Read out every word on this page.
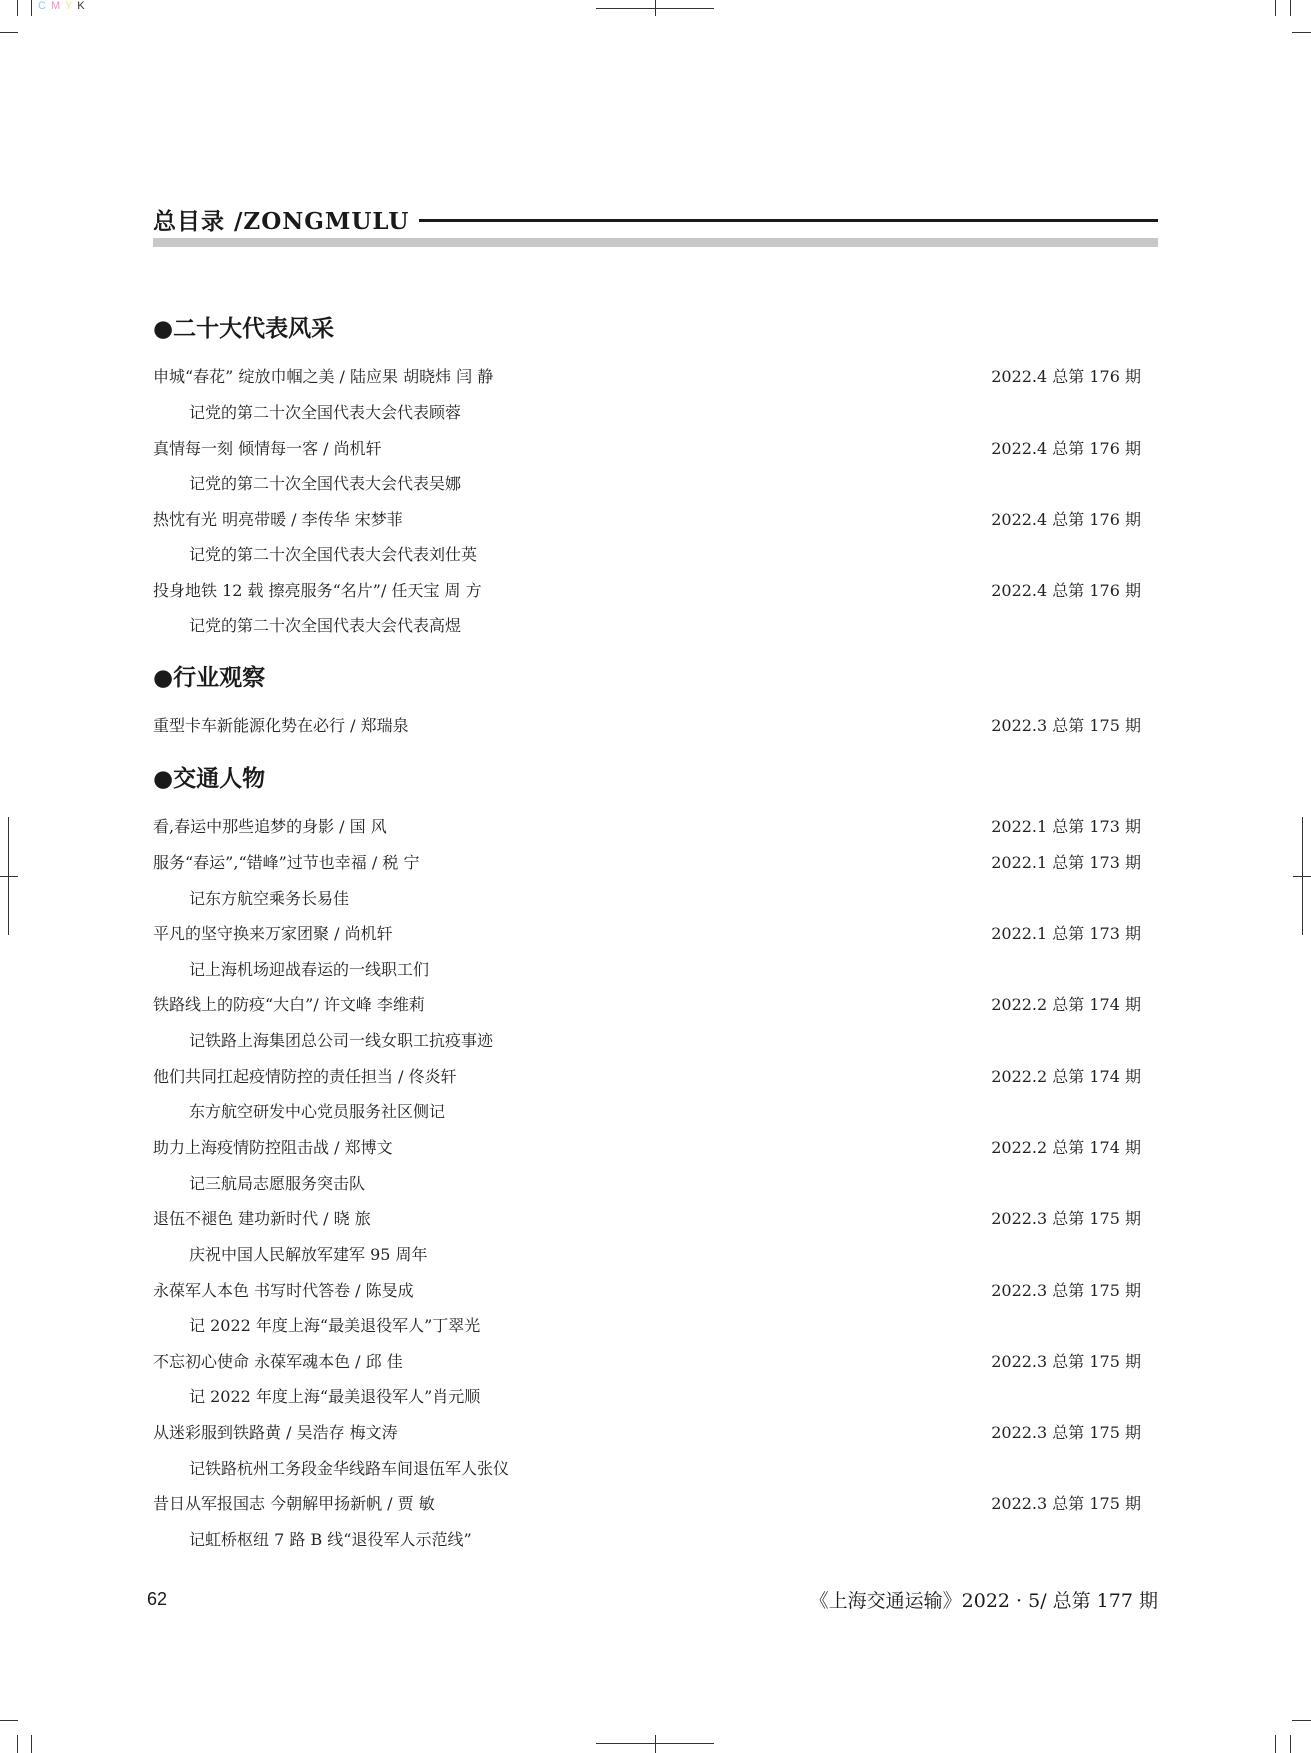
C M Y K
总目录 /ZONGMULU
●二十大代表风采
申城“春花” 绽放巾帼之美 / 陆应果 胡晓炜 闫 静	2022.4 总第 176 期
记党的第二十次全国代表大会代表顾蓉
真情每一刻 倾情每一客 / 尚机轩	2022.4 总第 176 期
记党的第二十次全国代表大会代表吴娜
热忱有光 明亮带暖 / 李传华 宋梦菲	2022.4 总第 176 期
记党的第二十次全国代表大会代表刘仕英
投身地铁 12 载 擦亮服务“名片”/ 任天宝 周 方	2022.4 总第 176 期
记党的第二十次全国代表大会代表高煜
●行业观察
重型卡车新能源化势在必行 / 郑瑞泉	2022.3 总第 175 期
●交通人物
看,春运中那些追梦的身影 / 国 风	2022.1 总第 173 期
服务“春运”,“错峰”过节也幸福 / 税 宁	2022.1 总第 173 期
记东方航空乘务长易佳
平凡的坚守换来万家团聚 / 尚机轩	2022.1 总第 173 期
记上海机场迎战春运的一线职工们
铁路线上的防疫“大白”/ 许文峰 李维莉	2022.2 总第 174 期
记铁路上海集团总公司一线女职工抗疫事迹
他们共同扛起疫情防控的责任担当 / 佟炎轩	2022.2 总第 174 期
东方航空研发中心党员服务社区侧记
助力上海疫情防控阻击战 / 郑博文	2022.2 总第 174 期
记三航局志愿服务突击队
退伍不褪色 建功新时代 / 晓 旅	2022.3 总第 175 期
庆祝中国人民解放军建军 95 周年
永葆军人本色 书写时代答卷 / 陈旻成	2022.3 总第 175 期
记 2022 年度上海“最美退役军人”丁翠光
不忘初心使命 永葆军魂本色 / 邱 佳	2022.3 总第 175 期
记 2022 年度上海“最美退役军人”肖元顺
从迷彩服到铁路黄 / 吴浩存 梅文涛	2022.3 总第 175 期
记铁路杭州工务段金华线路车间退伍军人张仪
昔日从军报国志 今朝解甲扬新帆 / 贾 敏	2022.3 总第 175 期
记虹桥枢纽 7 路 B 线“退役军人示范线”
62	《上海交通运输》2022 · 5/ 总第 177 期
